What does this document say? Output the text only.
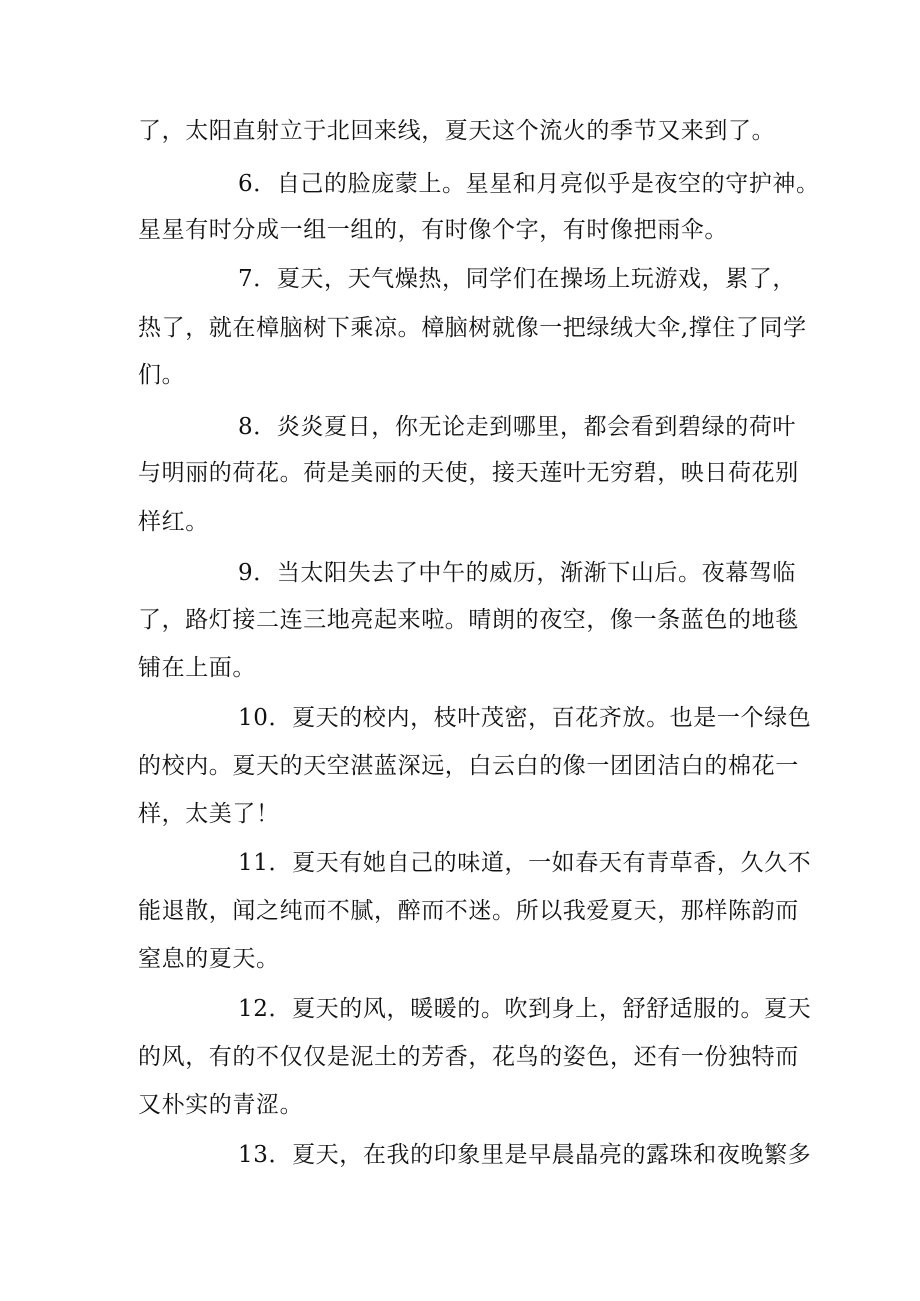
了，太阳直射立于北回来线，夏天这个流火的季节又来到了。
6．自己的脸庞蒙上。星星和月亮似乎是夜空的守护神。
星星有时分成一组一组的，有时像个字，有时像把雨伞。
7．夏天，天气燥热，同学们在操场上玩游戏，累了，
热了，就在樟脑树下乘凉。樟脑树就像一把绿绒大伞,撑住了同学
们。
8．炎炎夏日，你无论走到哪里，都会看到碧绿的荷叶
与明丽的荷花。荷是美丽的天使，接天莲叶无穷碧，映日荷花别
样红。
9．当太阳失去了中午的威历，渐渐下山后。夜幕驾临
了，路灯接二连三地亮起来啦。晴朗的夜空，像一条蓝色的地毯
铺在上面。
10．夏天的校内，枝叶茂密，百花齐放。也是一个绿色
的校内。夏天的天空湛蓝深远，白云白的像一团团洁白的棉花一
样，太美了！
11．夏天有她自己的味道，一如春天有青草香，久久不
能退散，闻之纯而不腻，醉而不迷。所以我爱夏天，那样陈韵而
窒息的夏天。
12．夏天的风，暖暖的。吹到身上，舒舒适服的。夏天
的风，有的不仅仅是泥土的芳香，花鸟的姿色，还有一份独特而
又朴实的青涩。
13．夏天，在我的印象里是早晨晶亮的露珠和夜晚繁多
